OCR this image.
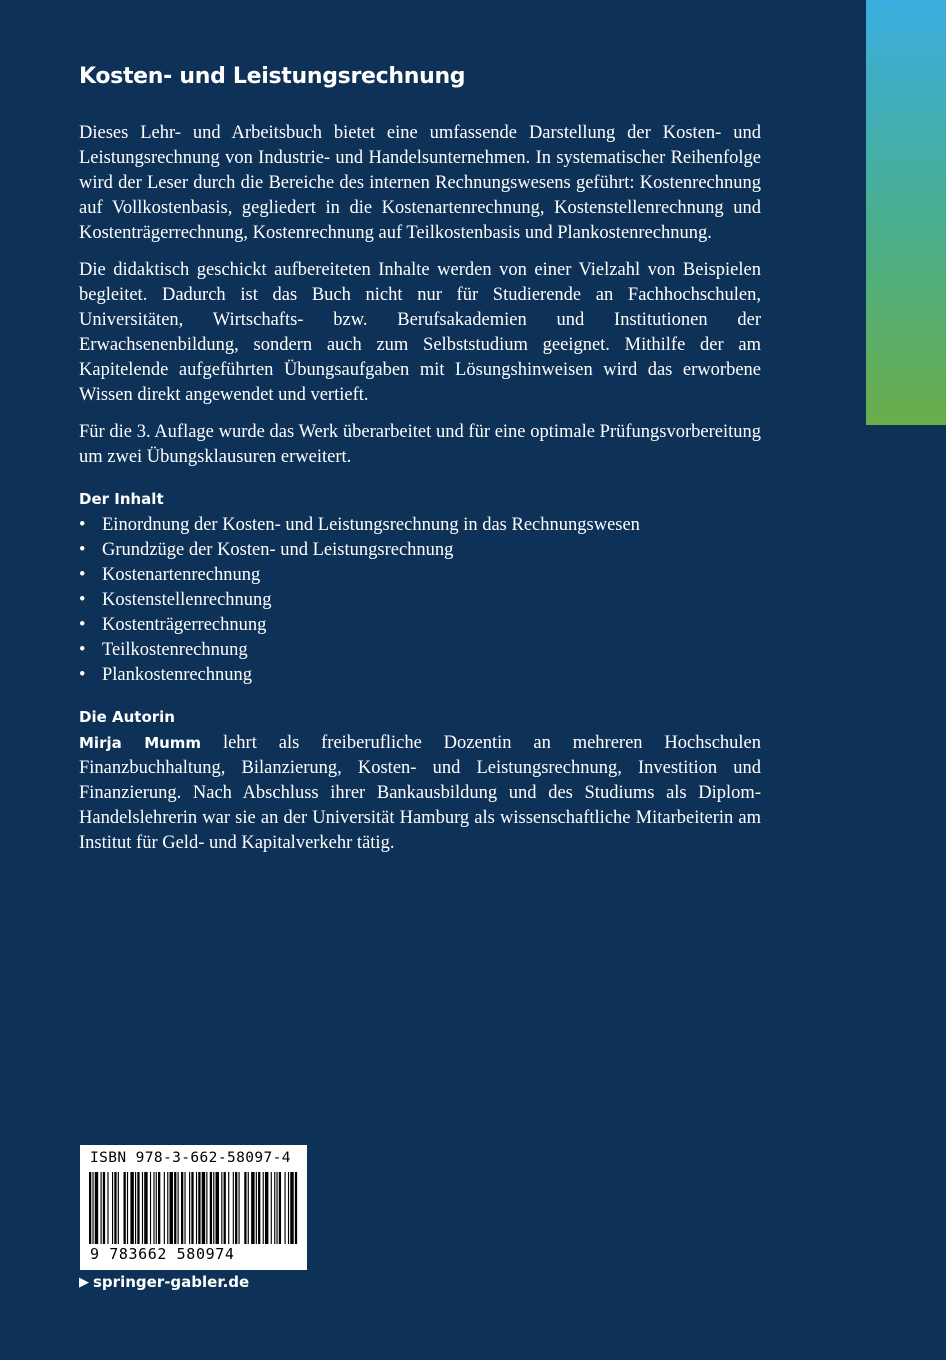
Kosten- und Leistungsrechnung

Dieses Lehr- und Arbeitsbuch bietet eine umfassende Darstellung der Kosten- und Leistungsrechnung von Industrie- und Handelsunternehmen. In systematischer Reihenfolge wird der Leser durch die Bereiche des internen Rechnungswesens geführt: Kostenrechnung auf Vollkostenbasis, gegliedert in die Kostenartenrechnung, Kostenstellenrechnung und Kostenträgerrechnung, Kostenrechnung auf Teilkostenbasis und Plankostenrechnung.

Die didaktisch geschickt aufbereiteten Inhalte werden von einer Vielzahl von Beispielen begleitet. Dadurch ist das Buch nicht nur für Studierende an Fachhochschulen, Universitäten, Wirtschafts- bzw. Berufsakademien und Institutionen der Erwachsenenbildung, sondern auch zum Selbststudium geeignet. Mithilfe der am Kapitelende aufgeführten Übungsaufgaben mit Lösungshinweisen wird das erworbene Wissen direkt angewendet und vertieft.

Für die 3. Auflage wurde das Werk überarbeitet und für eine optimale Prüfungsvorbereitung um zwei Übungsklausuren erweitert.

Der Inhalt
• Einordnung der Kosten- und Leistungsrechnung in das Rechnungswesen
• Grundzüge der Kosten- und Leistungsrechnung
• Kostenartenrechnung
• Kostenstellenrechnung
• Kostenträgerrechnung
• Teilkostenrechnung
• Plankostenrechnung
Die Autorin

Mirja Mumm lehrt als freiberufliche Dozentin an mehreren Hochschulen Finanzbuchhaltung, Bilanzierung, Kosten- und Leistungsrechnung, Investition und Finanzierung. Nach Abschluss ihrer Bankausbildung und des Studiums als Diplom-Handelslehrerin war sie an der Universität Hamburg als wissenschaftliche Mitarbeiterin am Institut für Geld- und Kapitalverkehr tätig.

ISBN 978-3-662-58097-4
9 783662 580974
▶ springer-gabler.de
